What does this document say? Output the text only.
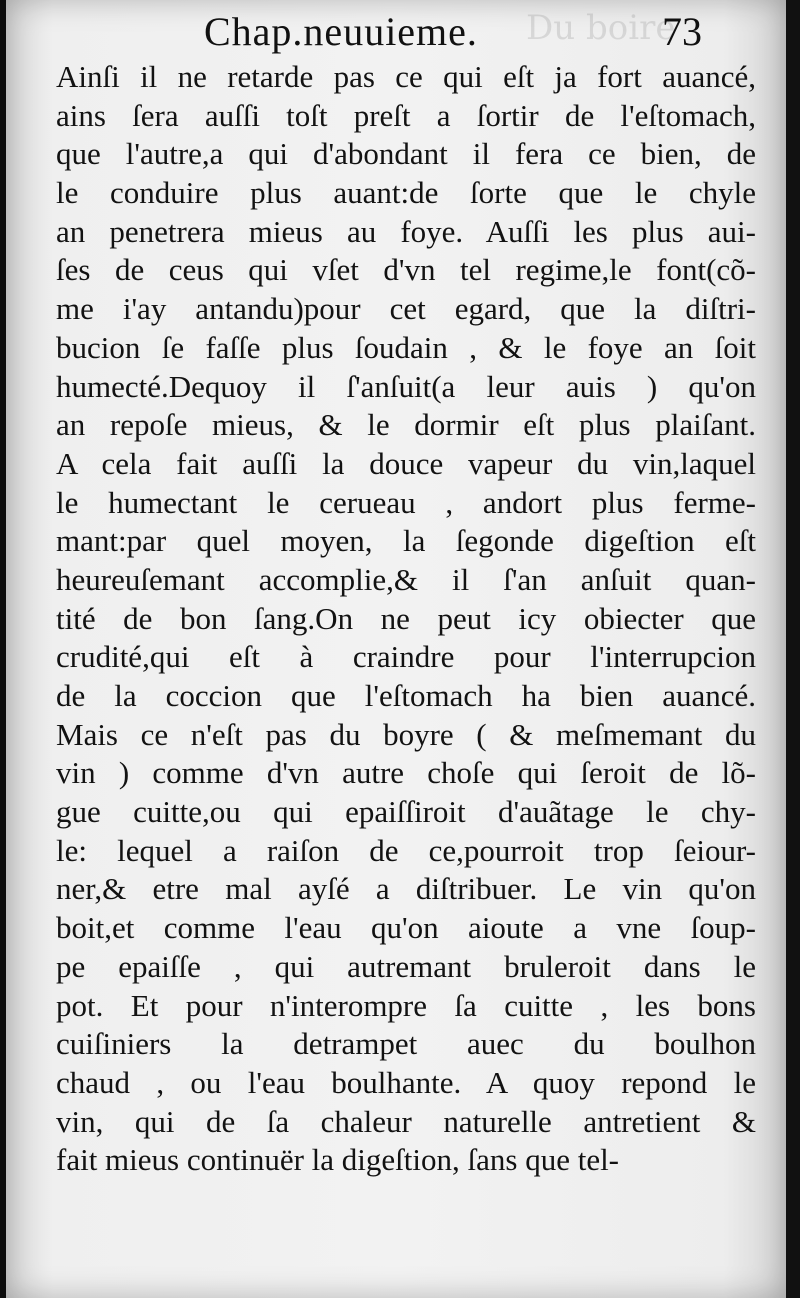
Du boire
Chap.neuuieme.	73
Ainſi il ne retarde pas ce qui eſt ja fort auancé,
ains ſera auſſi toſt preſt a ſortir de l'eſtomach,
que l'autre,a qui d'abondant il fera ce bien, de
le conduire plus auant:de ſorte que le chyle
an penetrera mieus au foye. Auſſi les plus aui-
ſes de ceus qui vſet d'vn tel regime,le font(cõ-
me i'ay antandu)pour cet egard, que la diſtri-
bucion ſe faſſe plus ſoudain , & le foye an ſoit
humecté.Dequoy il ſ'anſuit(a leur auis ) qu'on
an repoſe mieus, & le dormir eſt plus plaiſant.
A cela fait auſſi la douce vapeur du vin,laquel
le humectant le cerueau , andort plus ferme-
mant:par quel moyen, la ſegonde digeſtion eſt
heureuſemant accomplie,& il ſ'an anſuit quan-
tité de bon ſang.On ne peut icy obiecter que
crudité,qui eſt à craindre pour l'interrupcion
de la coccion que l'eſtomach ha bien auancé.
Mais ce n'eſt pas du boyre ( & meſmemant du
vin ) comme d'vn autre choſe qui ſeroit de lõ-
gue cuitte,ou qui epaiſſiroit d'auãtage le chy-
le: lequel a raiſon de ce,pourroit trop ſeiour-
ner,& etre mal ayſé a diſtribuer. Le vin qu'on
boit,et comme l'eau qu'on aioute a vne ſoup-
pe epaiſſe , qui autremant bruleroit dans le
pot. Et pour n'interompre ſa cuitte , les bons
cuiſiniers la detrampet auec du boulhon
chaud , ou l'eau boulhante. A quoy repond le
vin, qui de ſa chaleur naturelle antretient &
fait mieus continuër la digeſtion, ſans que tel-
